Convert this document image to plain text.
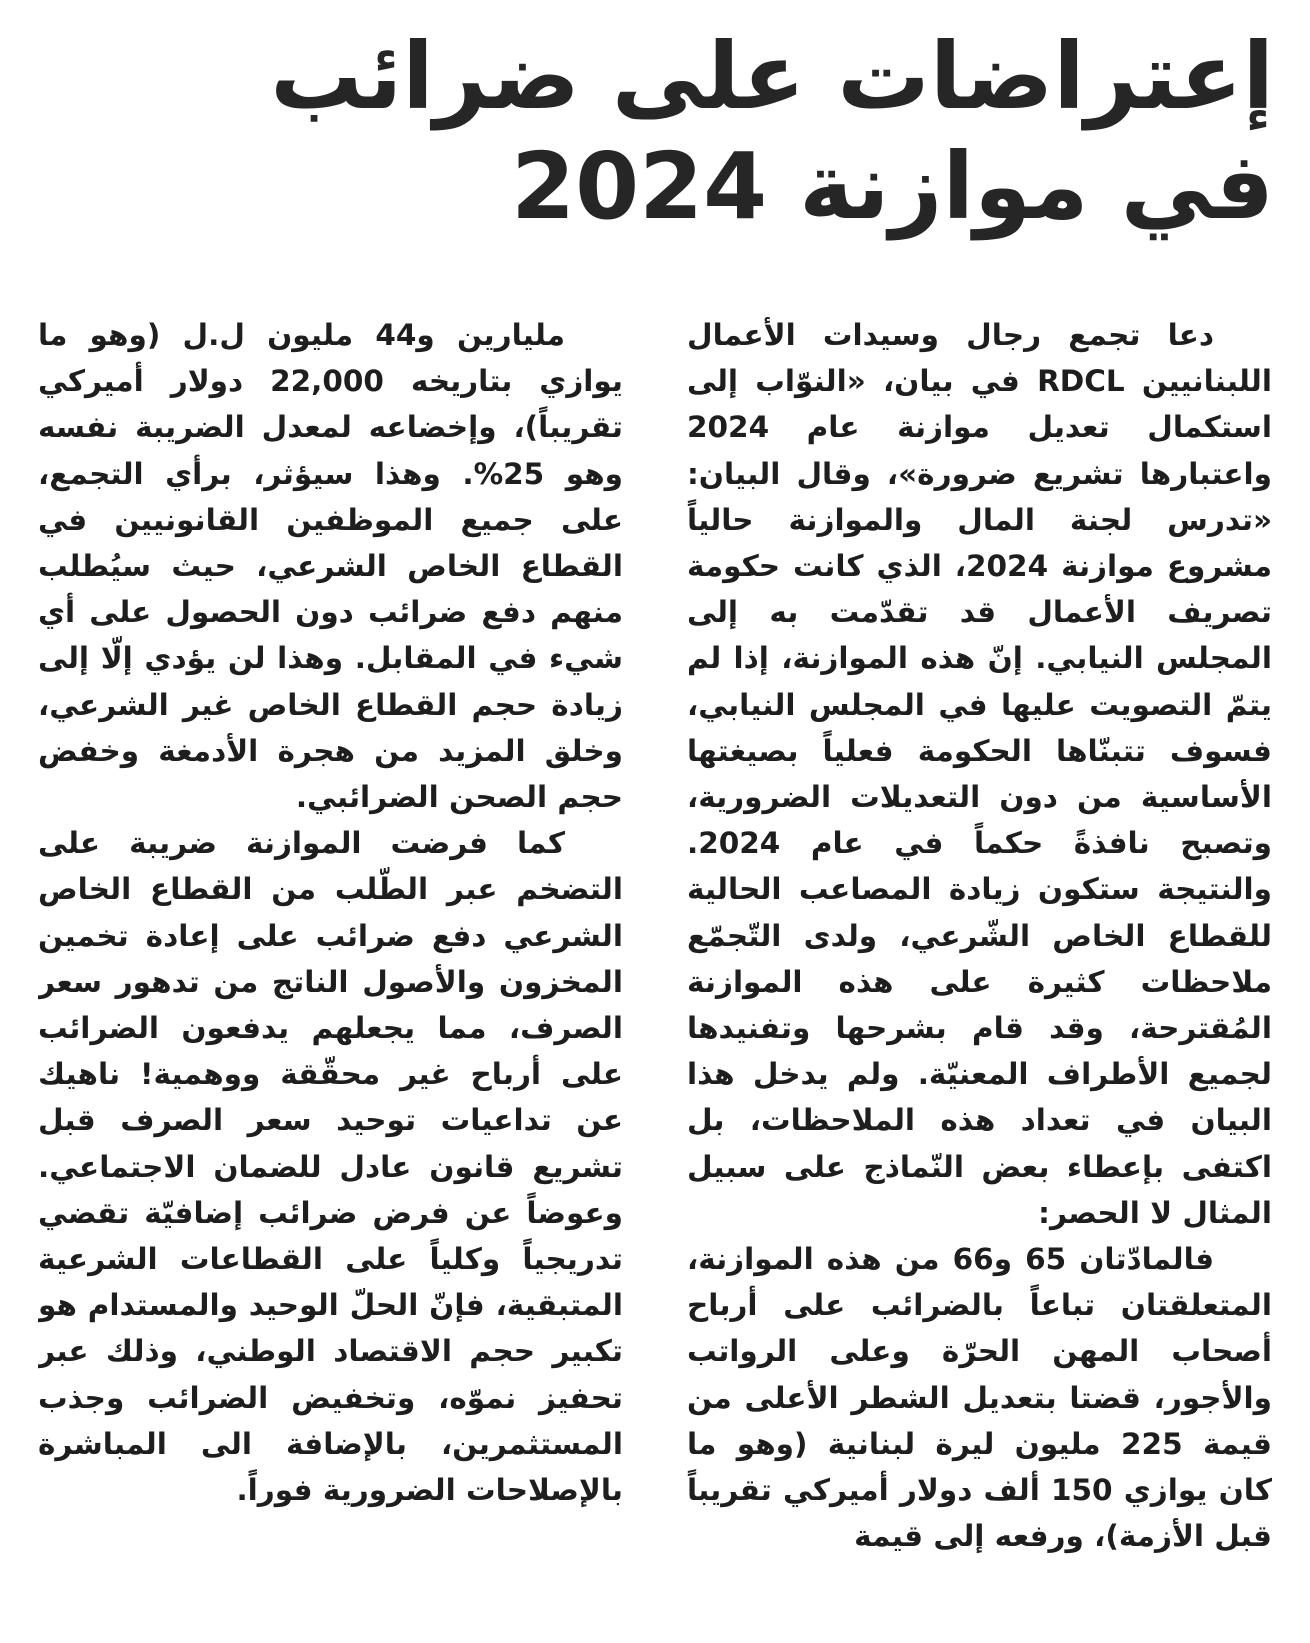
إعتراضات على ضرائب
في موازنة 2024

دعا تجمع رجال وسيدات الأعمال اللبنانيين RDCL في بيان، «النوّاب إلى استكمال تعديل موازنة عام 2024 واعتبارها تشريع ضرورة»، وقال البيان: «تدرس لجنة المال والموازنة حالياً مشروع موازنة 2024، الذي كانت حكومة تصريف الأعمال قد تقدّمت به إلى المجلس النيابي. إنّ هذه الموازنة، إذا لم يتمّ التصويت عليها في المجلس النيابي، فسوف تتبنّاها الحكومة فعلياً بصيغتها الأساسية من دون التعديلات الضرورية، وتصبح نافذةً حكماً في عام 2024. والنتيجة ستكون زيادة المصاعب الحالية للقطاع الخاص الشّرعي، ولدى التّجمّع ملاحظات كثيرة على هذه الموازنة المُقترحة، وقد قام بشرحها وتفنيدها لجميع الأطراف المعنيّة. ولم يدخل هذا البيان في تعداد هذه الملاحظات، بل اكتفى بإعطاء بعض النّماذج على سبيل المثال لا الحصر:

فالمادّتان 65 و66 من هذه الموازنة، المتعلقتان تباعاً بالضرائب على أرباح أصحاب المهن الحرّة وعلى الرواتب والأجور، قضتا بتعديل الشطر الأعلى من قيمة 225 مليون ليرة لبنانية (وهو ما كان يوازي 150 ألف دولار أميركي تقريباً قبل الأزمة)، ورفعه إلى قيمة

مليارين و44 مليون ل.ل (وهو ما يوازي بتاريخه 22,000 دولار أميركي تقريباً)، وإخضاعه لمعدل الضريبة نفسه وهو 25%. وهذا سيؤثر، برأي التجمع، على جميع الموظفين القانونيين في القطاع الخاص الشرعي، حيث سيُطلب منهم دفع ضرائب دون الحصول على أي شيء في المقابل. وهذا لن يؤدي إلّا إلى زيادة حجم القطاع الخاص غير الشرعي، وخلق المزيد من هجرة الأدمغة وخفض حجم الصحن الضرائبي.

كما فرضت الموازنة ضريبة على التضخم عبر الطّلب من القطاع الخاص الشرعي دفع ضرائب على إعادة تخمين المخزون والأصول الناتج من تدهور سعر الصرف، مما يجعلهم يدفعون الضرائب على أرباح غير محقّقة ووهمية! ناهيك عن تداعيات توحيد سعر الصرف قبل تشريع قانون عادل للضمان الاجتماعي. وعوضاً عن فرض ضرائب إضافيّة تقضي تدريجياً وكلياً على القطاعات الشرعية المتبقية، فإنّ الحلّ الوحيد والمستدام هو تكبير حجم الاقتصاد الوطني، وذلك عبر تحفيز نموّه، وتخفيض الضرائب وجذب المستثمرين، بالإضافة الى المباشرة بالإصلاحات الضرورية فوراً.
